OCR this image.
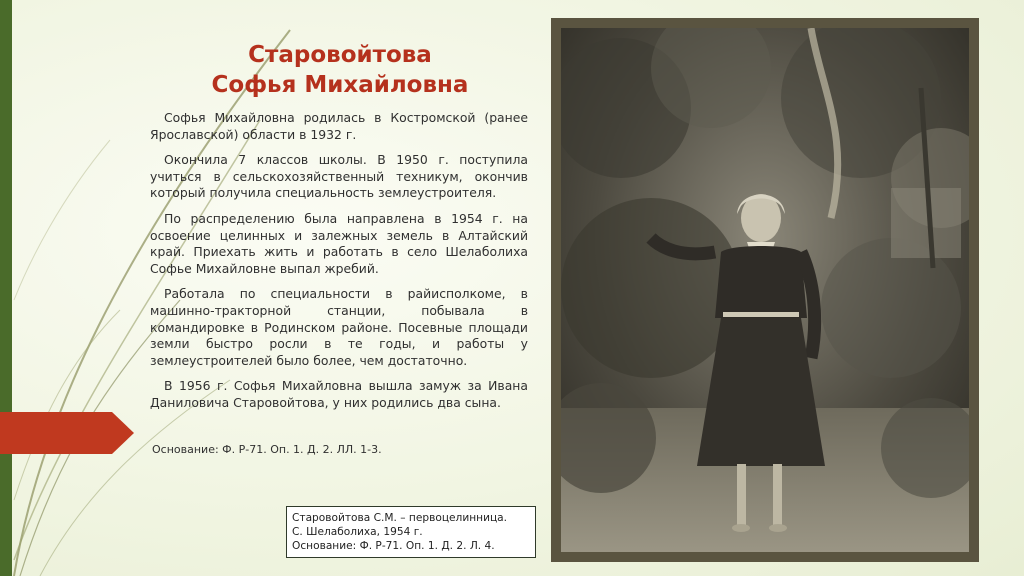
Старовойтова
Софья Михайловна

Софья Михайловна родилась в Костромской (ранее Ярославской) области в 1932 г.

Окончила 7 классов школы. В 1950 г. поступила учиться в сельскохозяйственный техникум, окончив который получила специальность землеустроителя.

По распределению была направлена в 1954 г. на освоение целинных и залежных земель в Алтайский край. Приехать жить и работать в село Шелаболиха Софье Михайловне выпал жребий.

Работала по специальности в райисполкоме, в машинно-тракторной станции, побывала в командировке в Родинском районе. Посевные площади земли быстро росли в те годы, и работы у землеустроителей было более, чем достаточно.

В 1956 г. Софья Михайловна вышла замуж за Ивана Даниловича Старовойтова, у них родились два сына.

Основание: Ф. Р-71. Оп. 1. Д. 2. ЛЛ. 1-3.
Старовойтова С.М. – первоцелинница.
С. Шелаболиха, 1954 г.
Основание: Ф. Р-71. Оп. 1. Д. 2. Л. 4.
